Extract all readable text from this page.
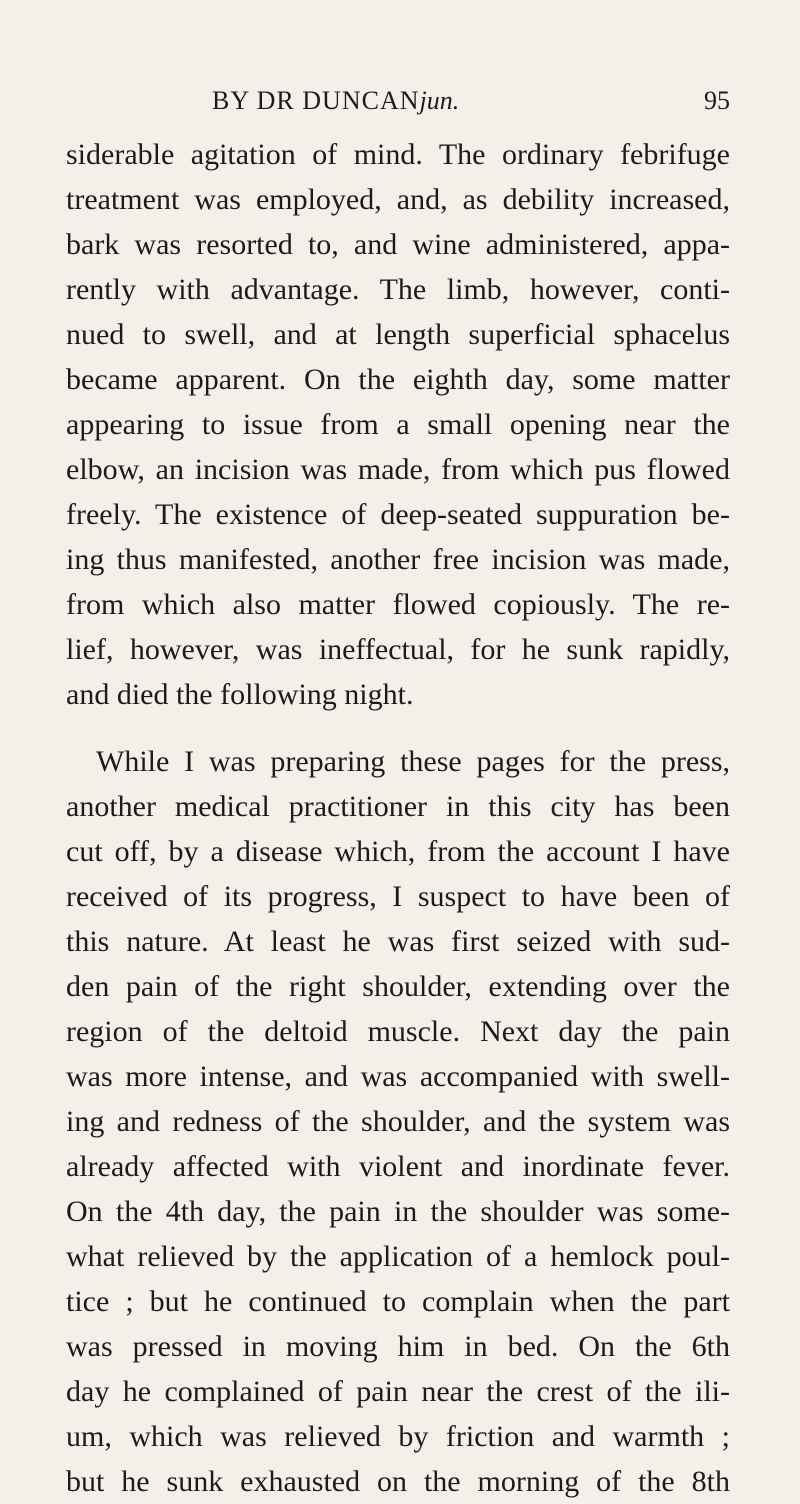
BY DR DUNCANjun.	95
siderable agitation of mind. The ordinary febrifuge
treatment was employed, and, as debility increased,
bark was resorted to, and wine administered, appa-
rently with advantage. The limb, however, conti-
nued to swell, and at length superficial sphacelus
became apparent. On the eighth day, some matter
appearing to issue from a small opening near the
elbow, an incision was made, from which pus flowed
freely. The existence of deep-seated suppuration be-
ing thus manifested, another free incision was made,
from which also matter flowed copiously. The re-
lief, however, was ineffectual, for he sunk rapidly,
and died the following night.
While I was preparing these pages for the press,
another medical practitioner in this city has been
cut off, by a disease which, from the account I have
received of its progress, I suspect to have been of
this nature. At least he was first seized with sud-
den pain of the right shoulder, extending over the
region of the deltoid muscle. Next day the pain
was more intense, and was accompanied with swell-
ing and redness of the shoulder, and the system was
already affected with violent and inordinate fever.
On the 4th day, the pain in the shoulder was some-
what relieved by the application of a hemlock poul-
tice ; but he continued to complain when the part
was pressed in moving him in bed. On the 6th
day he complained of pain near the crest of the ili-
um, which was relieved by friction and warmth ;
but he sunk exhausted on the morning of the 8th
